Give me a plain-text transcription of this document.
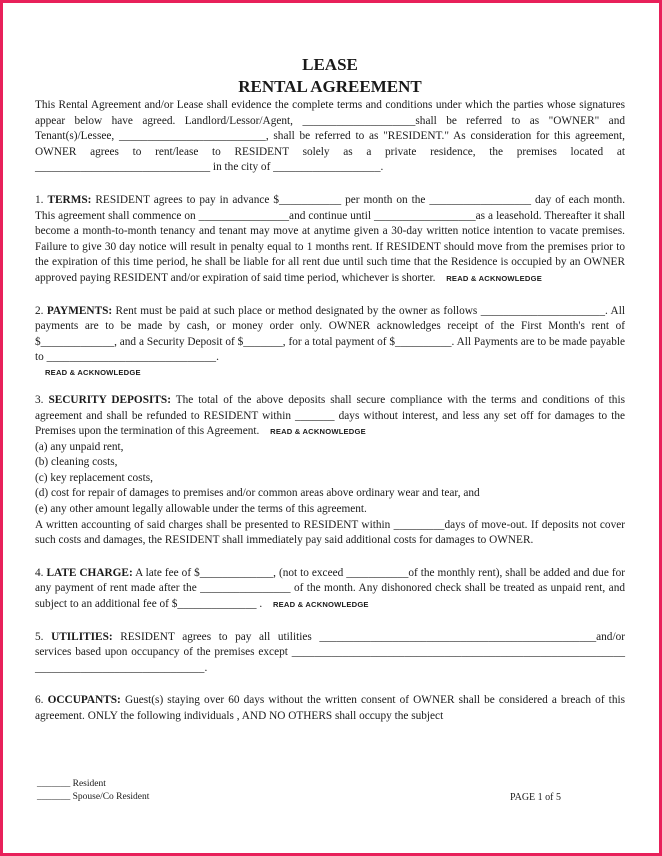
LEASE
RENTAL AGREEMENT

This Rental Agreement and/or Lease shall evidence the complete terms and conditions under which the parties whose signatures appear below have agreed. Landlord/Lessor/Agent, ____________________shall be referred to as "OWNER" and Tenant(s)/Lessee, __________________________, shall be referred to as "RESIDENT." As consideration for this agreement, OWNER agrees to rent/lease to RESIDENT solely as a private residence, the premises located at _______________________________ in the city of ___________________.

1. TERMS: RESIDENT agrees to pay in advance $___________ per month on the __________________ day of each month. This agreement shall commence on ________________and continue until __________________as a leasehold. Thereafter it shall become a month-to-month tenancy and tenant may move at anytime given a 30-day written notice intention to vacate premises. Failure to give 30 day notice will result in penalty equal to 1 months rent. If RESIDENT should move from the premises prior to the expiration of this time period, he shall be liable for all rent due until such time that the Residence is occupied by an OWNER approved paying RESIDENT and/or expiration of said time period, whichever is shorter. READ & ACKNOWLEDGE

2. PAYMENTS: Rent must be paid at such place or method designated by the owner as follows ______________________. All payments are to be made by cash, or money order only. OWNER acknowledges receipt of the First Month's rent of $_____________, and a Security Deposit of $_______, for a total payment of $__________. All Payments are to be made payable to ______________________________.

READ & ACKNOWLEDGE

3. SECURITY DEPOSITS: The total of the above deposits shall secure compliance with the terms and conditions of this agreement and shall be refunded to RESIDENT within _______ days without interest, and less any set off for damages to the Premises upon the termination of this Agreement. READ & ACKNOWLEDGE

(a) any unpaid rent,
(b) cleaning costs,
(c) key replacement costs,
(d) cost for repair of damages to premises and/or common areas above ordinary wear and tear, and
(e) any other amount legally allowable under the terms of this agreement.

A written accounting of said charges shall be presented to RESIDENT within _________days of move-out. If deposits not cover such costs and damages, the RESIDENT shall immediately pay said additional costs for damages to OWNER.

4. LATE CHARGE: A late fee of $_____________, (not to exceed ___________of the monthly rent), shall be added and due for any payment of rent made after the ________________ of the month. Any dishonored check shall be treated as unpaid rent, and subject to an additional fee of $______________ . READ & ACKNOWLEDGE

5. UTILITIES: RESIDENT agrees to pay all utilities _________________________________________________and/or services based upon occupancy of the premises except ___________________________________________________________ ______________________________.

6. OCCUPANTS: Guest(s) staying over 60 days without the written consent of OWNER shall be considered a breach of this agreement. ONLY the following individuals , AND NO OTHERS shall occupy the subject

_______ Resident
_______ Spouse/Co Resident	PAGE 1 of 5
